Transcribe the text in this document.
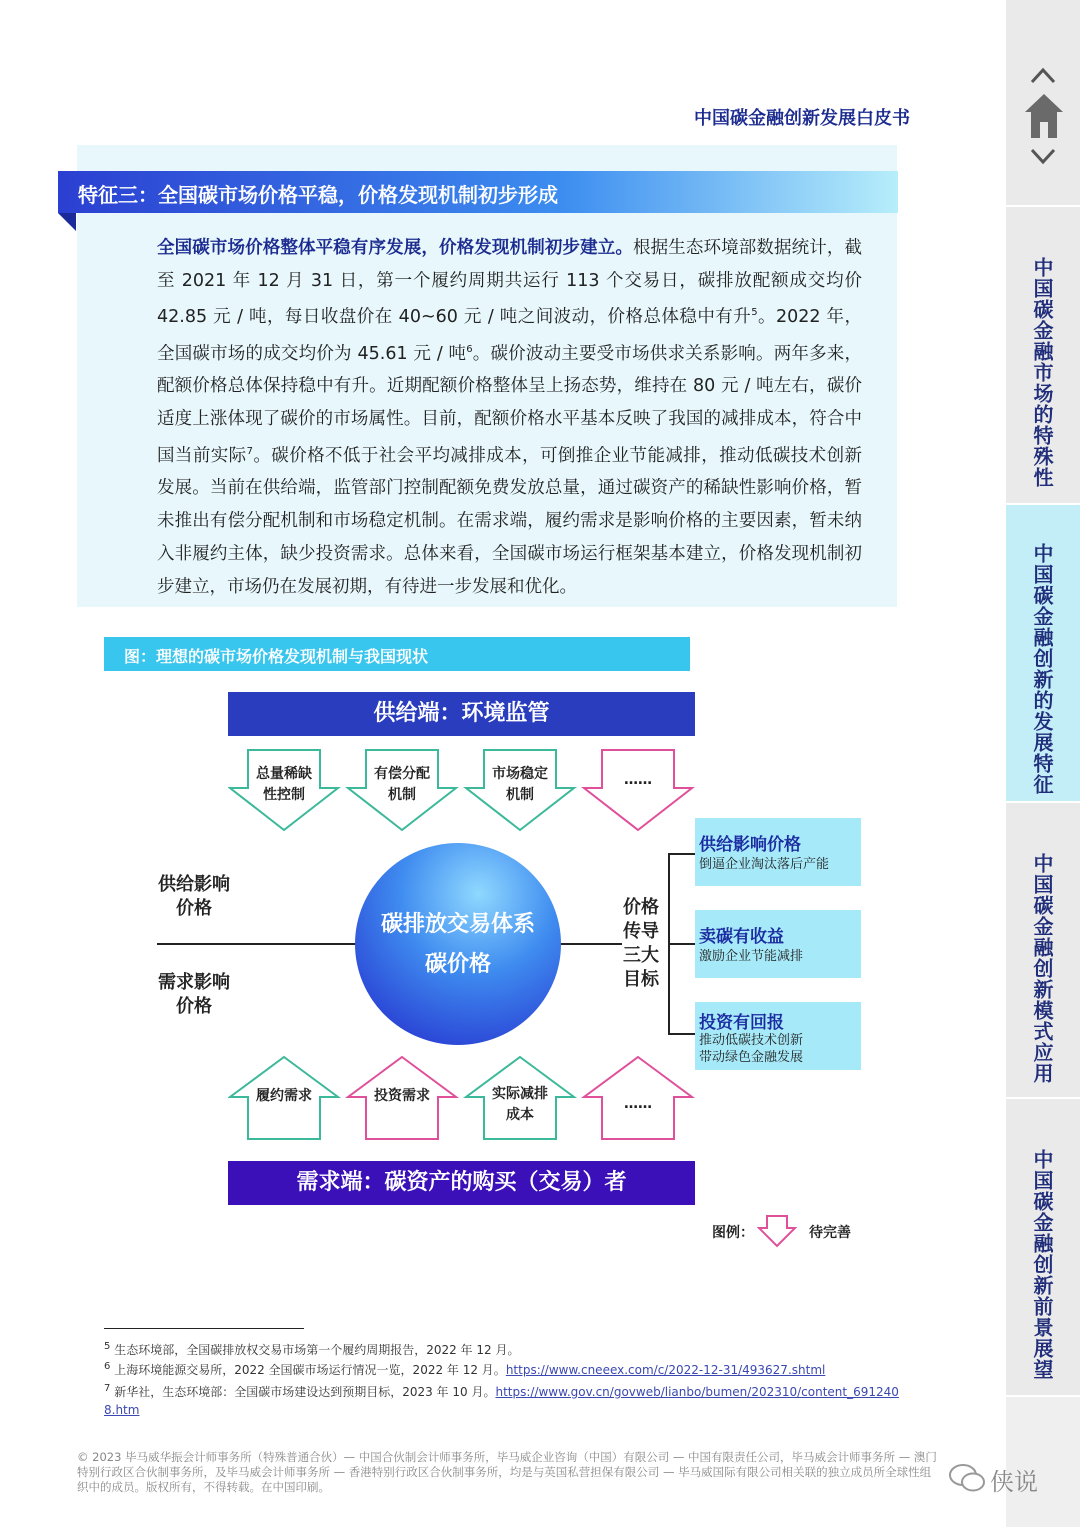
中国碳金融市场的特殊性
中国碳金融创新的发展特征
中国碳金融创新模式应用
中国碳金融创新前景展望
中国碳金融创新发展白皮书
特征三：全国碳市场价格平稳，价格发现机制初步形成
全国碳市场价格整体平稳有序发展，价格发现机制初步建立。根据生态环境部数据统计，截至 2021 年 12 月 31 日，第一个履约周期共运行 113 个交易日，碳排放配额成交均价 42.85 元 / 吨，每日收盘价在 40~60 元 / 吨之间波动，价格总体稳中有升$^5$。2022 年，全国碳市场的成交均价为 45.61 元 / 吨$^6$。碳价波动主要受市场供求关系影响。两年多来，配额价格总体保持稳中有升。近期配额价格整体呈上扬态势，维持在 80 元 / 吨左右，碳价适度上涨体现了碳价的市场属性。目前，配额价格水平基本反映了我国的减排成本，符合中国当前实际$^7$。碳价格不低于社会平均减排成本，可倒推企业节能减排，推动低碳技术创新发展。当前在供给端，监管部门控制配额免费发放总量，通过碳资产的稀缺性影响价格，暂未推出有偿分配机制和市场稳定机制。在需求端，履约需求是影响价格的主要因素，暂未纳入非履约主体，缺少投资需求。总体来看，全国碳市场运行框架基本建立，价格发现机制初步建立，市场仍在发展初期，有待进一步发展和优化。
图：理想的碳市场价格发现机制与我国现状
供给端：环境监管
总量稀缺
性控制
有偿分配
机制
市场稳定
机制
……
供给影响
价格
需求影响
价格
碳排放交易体系
碳价格
价格
传导
三大
目标
供给影响价格
倒逼企业淘汰落后产能
卖碳有收益
激励企业节能减排
投资有回报
推动低碳技术创新
带动绿色金融发展
履约需求	投资需求	实际减排
成本
……
需求端：碳资产的购买（交易）者
图例：	待完善
$^5$ 生态环境部，全国碳排放权交易市场第一个履约周期报告，2022 年 12 月。
$^6$ 上海环境能源交易所，2022 全国碳市场运行情况一览，2022 年 12 月。https://www.cneeex.com/c/2022-12-31/493627.shtml
$^7$ 新华社，生态环境部：全国碳市场建设达到预期目标，2023 年 10 月。https://www.gov.cn/govweb/lianbo/bumen/202310/content_6912408.htm
© 2023 毕马威华振会计师事务所（特殊普通合伙）— 中国合伙制会计师事务所，毕马威企业咨询（中国）有限公司 — 中国有限责任公司，毕马威会计师事务所 — 澳门特别行政区合伙制事务所，及毕马威会计师事务所 — 香港特别行政区合伙制事务所，均是与英国私营担保有限公司 — 毕马威国际有限公司相关联的独立成员所全球性组织中的成员。版权所有，不得转载。在中国印刷。	侠说
